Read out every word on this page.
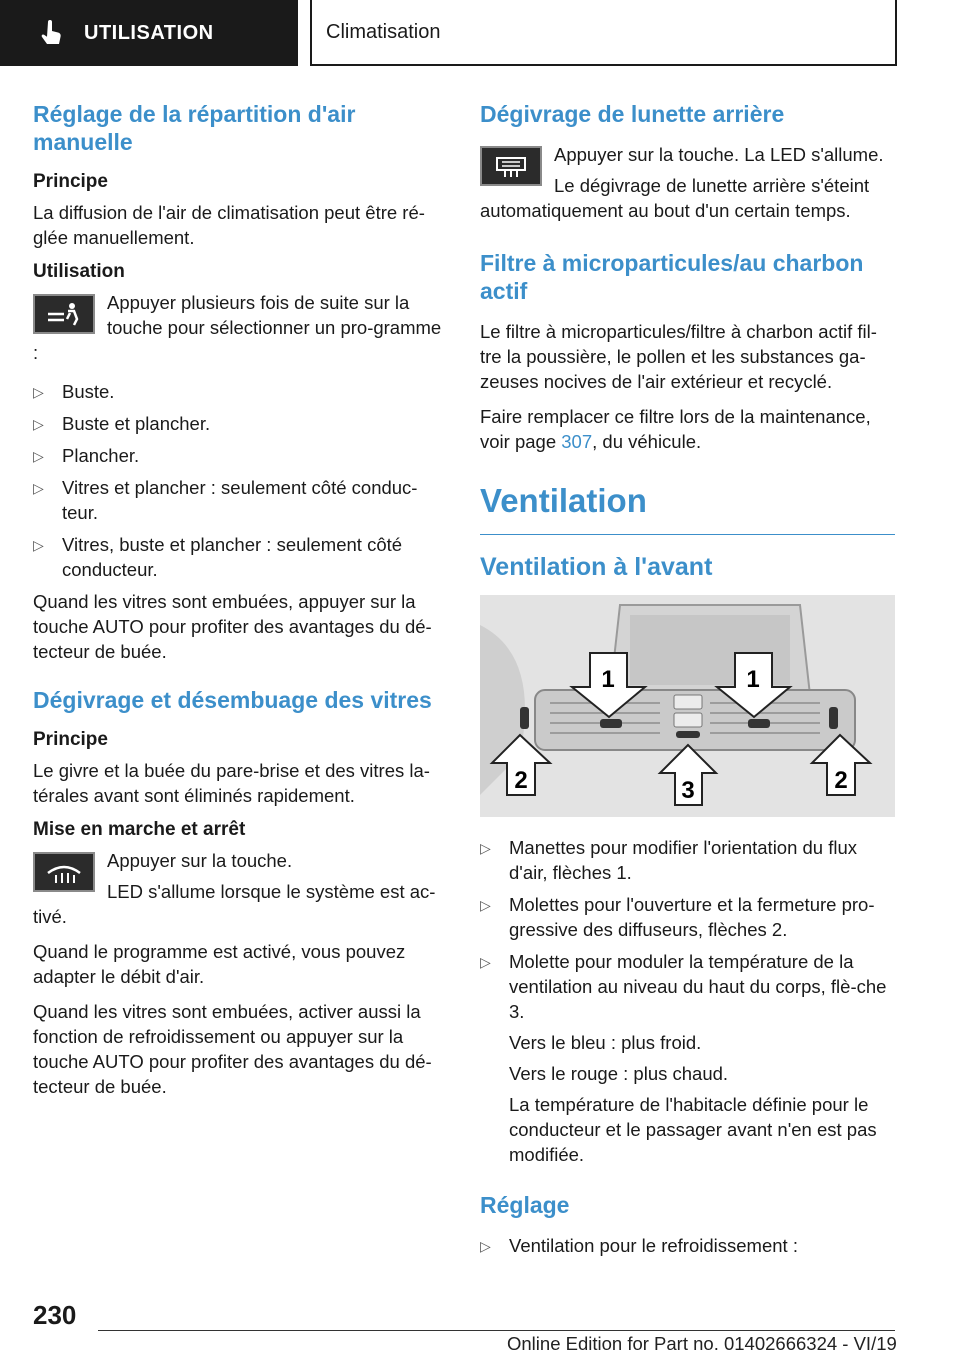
UTILISATION	Climatisation
Réglage de la répartition d'air manuelle
Principe

La diffusion de l'air de climatisation peut être ré-glée manuellement.

Utilisation

Appuyer plusieurs fois de suite sur la touche pour sélectionner un pro-gramme :

▷ Buste.
▷ Buste et plancher.
▷ Plancher.
▷ Vitres et plancher : seulement côté conduc-teur.
▷ Vitres, buste et plancher : seulement côté conducteur.

Quand les vitres sont embuées, appuyer sur la touche AUTO pour profiter des avantages du dé-tecteur de buée.

Dégivrage et désembuage des vitres
Principe

Le givre et la buée du pare-brise et des vitres la-térales avant sont éliminés rapidement.

Mise en marche et arrêt

Appuyer sur la touche.

LED s'allume lorsque le système est ac-tivé.

Quand le programme est activé, vous pouvez adapter le débit d'air.

Quand les vitres sont embuées, activer aussi la fonction de refroidissement ou appuyer sur la touche AUTO pour profiter des avantages du dé-tecteur de buée.

Dégivrage de lunette arrière

Appuyer sur la touche. La LED s'allume.

Le dégivrage de lunette arrière s'éteint automatiquement au bout d'un certain temps.

Filtre à microparticules/au charbon actif

Le filtre à microparticules/filtre à charbon actif fil-tre la poussière, le pollen et les substances ga-zeuses nocives de l'air extérieur et recyclé.

Faire remplacer ce filtre lors de la maintenance, voir page 307, du véhicule.

Ventilation
Ventilation à l'avant
1	1
2	2
3
▷ Manettes pour modifier l'orientation du flux d'air, flèches 1.
▷ Molettes pour l'ouverture et la fermeture pro-gressive des diffuseurs, flèches 2.
▷ Molette pour moduler la température de la ventilation au niveau du haut du corps, flè-che 3.
Vers le bleu : plus froid.
Vers le rouge : plus chaud.
La température de l'habitacle définie pour le conducteur et le passager avant n'en est pas modifiée.
Réglage
▷ Ventilation pour le refroidissement :
230
Online Edition for Part no. 01402666324 - VI/19
